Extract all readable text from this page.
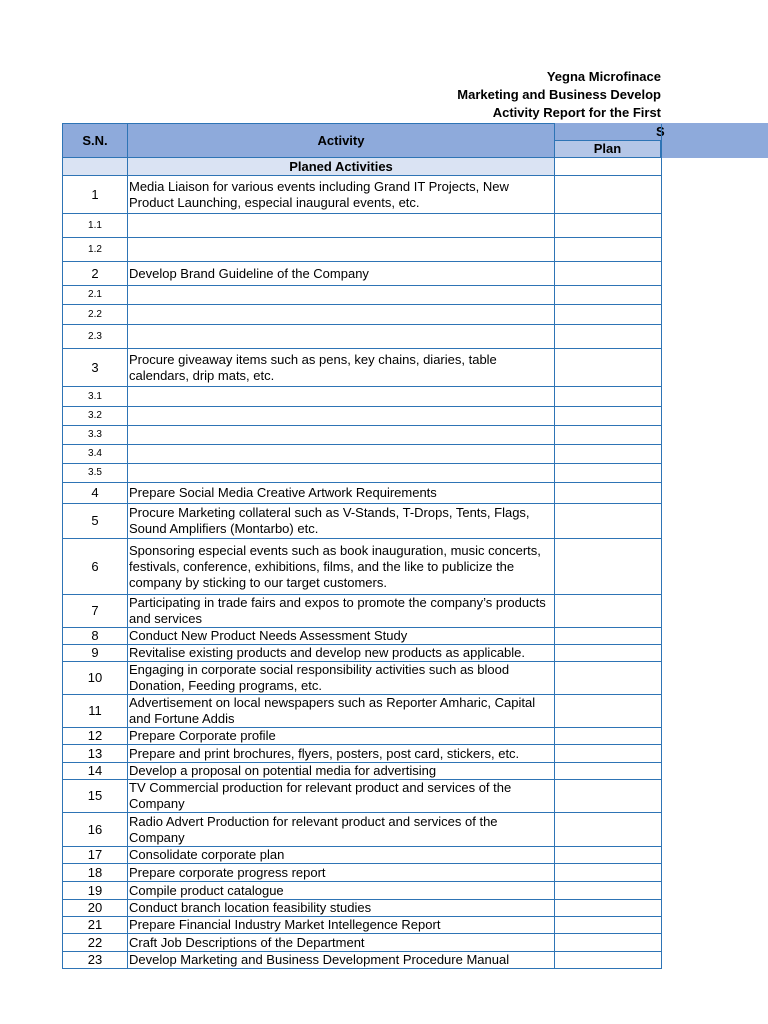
Yegna Microfinace
Marketing and Business Develop
Activity Report for the First
S
Plan
S.N.	Activity	
	Planed Activities	
1	Media Liaison for various events including Grand IT Projects, New Product Launching, especial inaugural events, etc.	
1.1		
1.2		
2	Develop Brand Guideline of the Company	
2.1		
2.2		
2.3		
3	Procure giveaway items such as pens, key chains, diaries, table calendars, drip mats, etc.	
3.1		
3.2		
3.3		
3.4		
3.5		
4	Prepare Social Media Creative Artwork Requirements	
5	Procure Marketing collateral such as V-Stands, T-Drops, Tents, Flags, Sound Amplifiers (Montarbo) etc.	
6	Sponsoring especial events such as book inauguration, music concerts, festivals, conference, exhibitions, films, and the like to publicize the company by sticking to our target customers.	
7	Participating in trade fairs and expos to promote the company’s products and services	
8	Conduct New Product Needs Assessment Study	
9	Revitalise existing products and develop new products as applicable.	
10	Engaging in corporate social responsibility activities such as blood Donation, Feeding programs, etc.	
11	Advertisement on local newspapers such as Reporter Amharic, Capital and Fortune Addis	
12	Prepare Corporate profile	
13	Prepare and print brochures, flyers, posters, post card, stickers, etc.	
14	Develop a proposal on potential media for advertising	
15	TV Commercial production for relevant product and services of the Company	
16	Radio Advert Production for relevant product and services of the Company	
17	Consolidate corporate plan	
18	Prepare corporate progress report	
19	Compile product catalogue	
20	Conduct branch location feasibility studies	
21	Prepare Financial Industry Market Intellegence Report	
22	Craft Job Descriptions of the Department	
23	Develop Marketing and Business Development Procedure Manual	
